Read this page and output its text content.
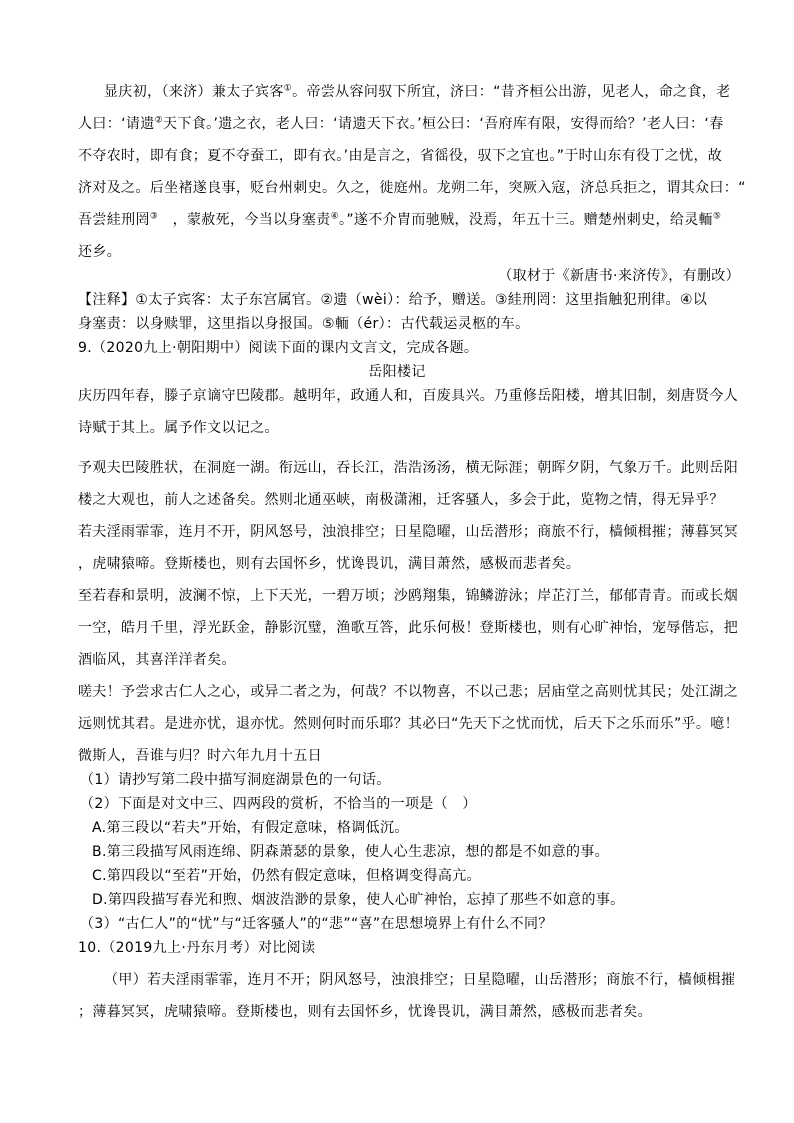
显庆初，（来济）兼太子宾客①。帝尝从容问驭下所宜，济曰：“昔齐桓公出游，见老人，命之食，老
人曰：‘请遗②天下食。’遗之衣，老人曰：‘请遗天下衣。’桓公曰：‘吾府库有限，安得而给？’老人曰：‘春
不夺农时，即有食；夏不夺蚕工，即有衣。’由是言之，省徭役，驭下之宜也。”于时山东有役丁之忧，故
济对及之。后坐褚遂良事，贬台州刺史。久之，徙庭州。龙朔二年，突厥入寇，济总兵拒之，谓其众曰：“
吾尝絓刑罔③　 ，蒙赦死，今当以身塞责④。”遂不介胄而驰贼，没焉，年五十三。赠楚州刺史，给灵輀⑤
还乡。
（取材于《新唐书·来济传》，有删改）
【注释】①太子宾客：太子东宫属官。②遗（wèi）：给予，赠送。③絓刑罔：这里指触犯刑律。④以
身塞责：以身赎罪，这里指以身报国。⑤輀（ér）：古代载运灵柩的车。
9.（2020九上·朝阳期中）阅读下面的课内文言文，完成各题。
岳阳楼记
庆历四年春，滕子京谪守巴陵郡。越明年，政通人和，百废具兴。乃重修岳阳楼，增其旧制，刻唐贤今人
诗赋于其上。属予作文以记之。
予观夫巴陵胜状，在洞庭一湖。衔远山，吞长江，浩浩汤汤，横无际涯；朝晖夕阴，气象万千。此则岳阳
楼之大观也，前人之述备矣。然则北通巫峡，南极潇湘，迁客骚人，多会于此，览物之情，得无异乎？
若夫淫雨霏霏，连月不开，阴风怒号，浊浪排空；日星隐曜，山岳潜形；商旅不行，樯倾楫摧；薄暮冥冥
，虎啸猿啼。登斯楼也，则有去国怀乡，忧谗畏讥，满目萧然，感极而悲者矣。
至若春和景明，波澜不惊，上下天光，一碧万顷；沙鸥翔集，锦鳞游泳；岸芷汀兰，郁郁青青。而或长烟
一空，皓月千里，浮光跃金，静影沉璧，渔歌互答，此乐何极！登斯楼也，则有心旷神怡，宠辱偕忘，把
酒临风，其喜洋洋者矣。
嗟夫！予尝求古仁人之心，或异二者之为，何哉？不以物喜，不以己悲；居庙堂之高则忧其民；处江湖之
远则忧其君。是进亦忧，退亦忧。然则何时而乐耶？其必曰“先天下之忧而忧，后天下之乐而乐”乎。噫！
微斯人，吾谁与归？时六年九月十五日
（1）请抄写第二段中描写洞庭湖景色的一句话。
（2）下面是对文中三、四两段的赏析，不恰当的一项是（　）
A.第三段以“若夫”开始，有假定意味，格调低沉。
B.第三段描写风雨连绵、阴森萧瑟的景象，使人心生悲凉，想的都是不如意的事。
C.第四段以“至若”开始，仍然有假定意味，但格调变得高亢。
D.第四段描写春光和煦、烟波浩渺的景象，使人心旷神怡，忘掉了那些不如意的事。
（3）“古仁人”的“忧”与“迁客骚人”的“悲”“喜”在思想境界上有什么不同？
10.（2019九上·丹东月考）对比阅读
（甲）若夫淫雨霏霏，连月不开；阴风怒号，浊浪排空；日星隐曜，山岳潜形；商旅不行，樯倾楫摧
；薄暮冥冥，虎啸猿啼。登斯楼也，则有去国怀乡，忧谗畏讥，满目萧然，感极而悲者矣。
